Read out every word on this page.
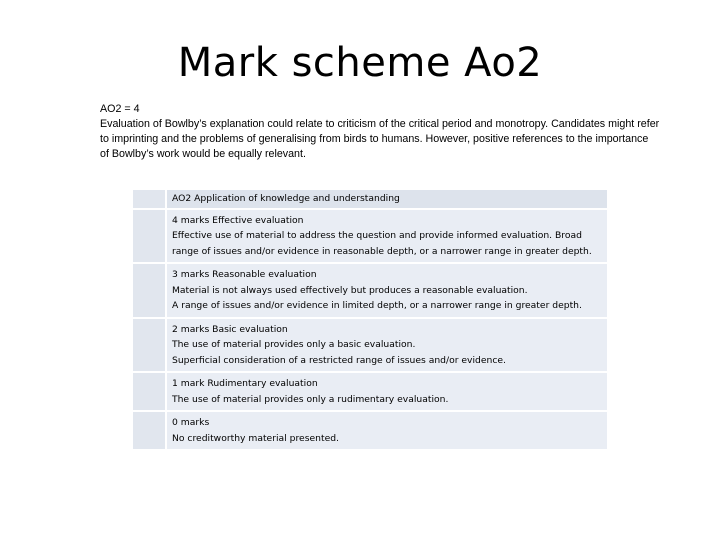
Mark scheme Ao2
AO2 = 4
Evaluation of Bowlby’s explanation could relate to criticism of the critical period and monotropy. Candidates might refer to imprinting and the problems of generalising from birds to humans. However, positive references to the importance of Bowlby’s work would be equally relevant.
AO2 Application of knowledge and understanding
4 marks Effective evaluation
Effective use of material to address the question and provide informed evaluation. Broad range of issues and/or evidence in reasonable depth, or a narrower range in greater depth.
3 marks Reasonable evaluation
Material is not always used effectively but produces a reasonable evaluation.
A range of issues and/or evidence in limited depth, or a narrower range in greater depth.
2 marks Basic evaluation
The use of material provides only a basic evaluation.
Superficial consideration of a restricted range of issues and/or evidence.
1 mark Rudimentary evaluation
The use of material provides only a rudimentary evaluation.
0 marks
No creditworthy material presented.
